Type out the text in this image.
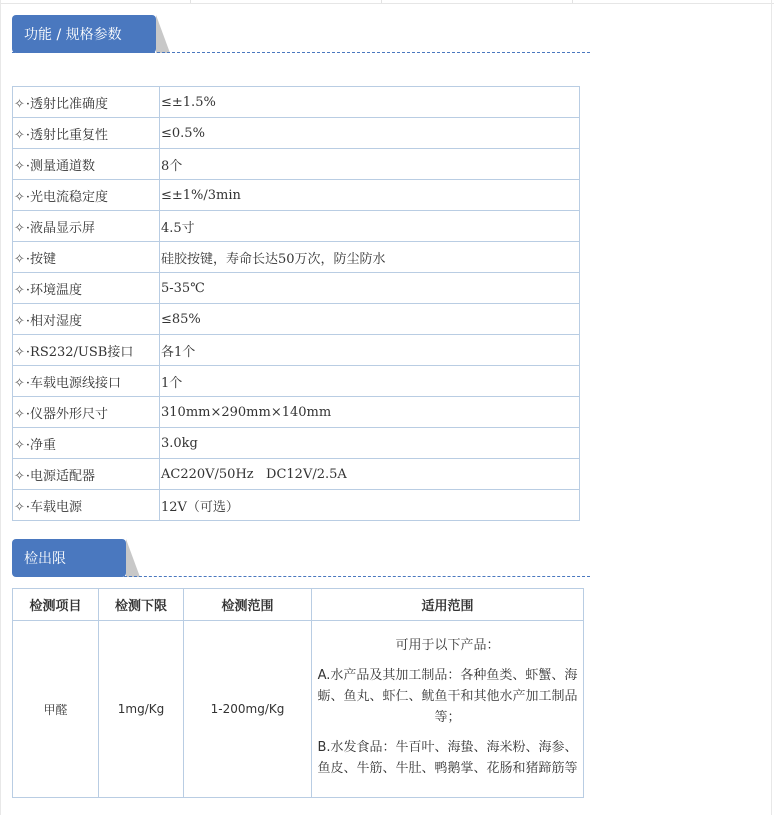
功能 / 规格参数
✧·透射比准确度	≤±1.5%
✧·透射比重复性	≤0.5%
✧·测量通道数	8个
✧·光电流稳定度	≤±1%/3min
✧·液晶显示屏	4.5寸
✧·按键	硅胶按键，寿命长达50万次，防尘防水
✧·环境温度	5-35℃
✧·相对湿度	≤85%
✧·RS232/USB接口	各1个
✧·车载电源线接口	1个
✧·仪器外形尺寸	310mm×290mm×140mm
✧·净重	3.0kg
✧·电源适配器	AC220V/50Hz   DC12V/2.5A
✧·车载电源	12V（可选）
检出限
检测项目	检测下限	检测范围	适用范围
甲醛	1mg/Kg	1-200mg/Kg	可用于以下产品：

A.水产品及其加工制品：各种鱼类、虾蟹、海蛎、鱼丸、虾仁、鱿鱼干和其他水产加工制品等；

B.水发食品：牛百叶、海蛰、海米粉、海参、鱼皮、牛筋、牛肚、鸭鹅掌、花肠和猪蹄筋等
